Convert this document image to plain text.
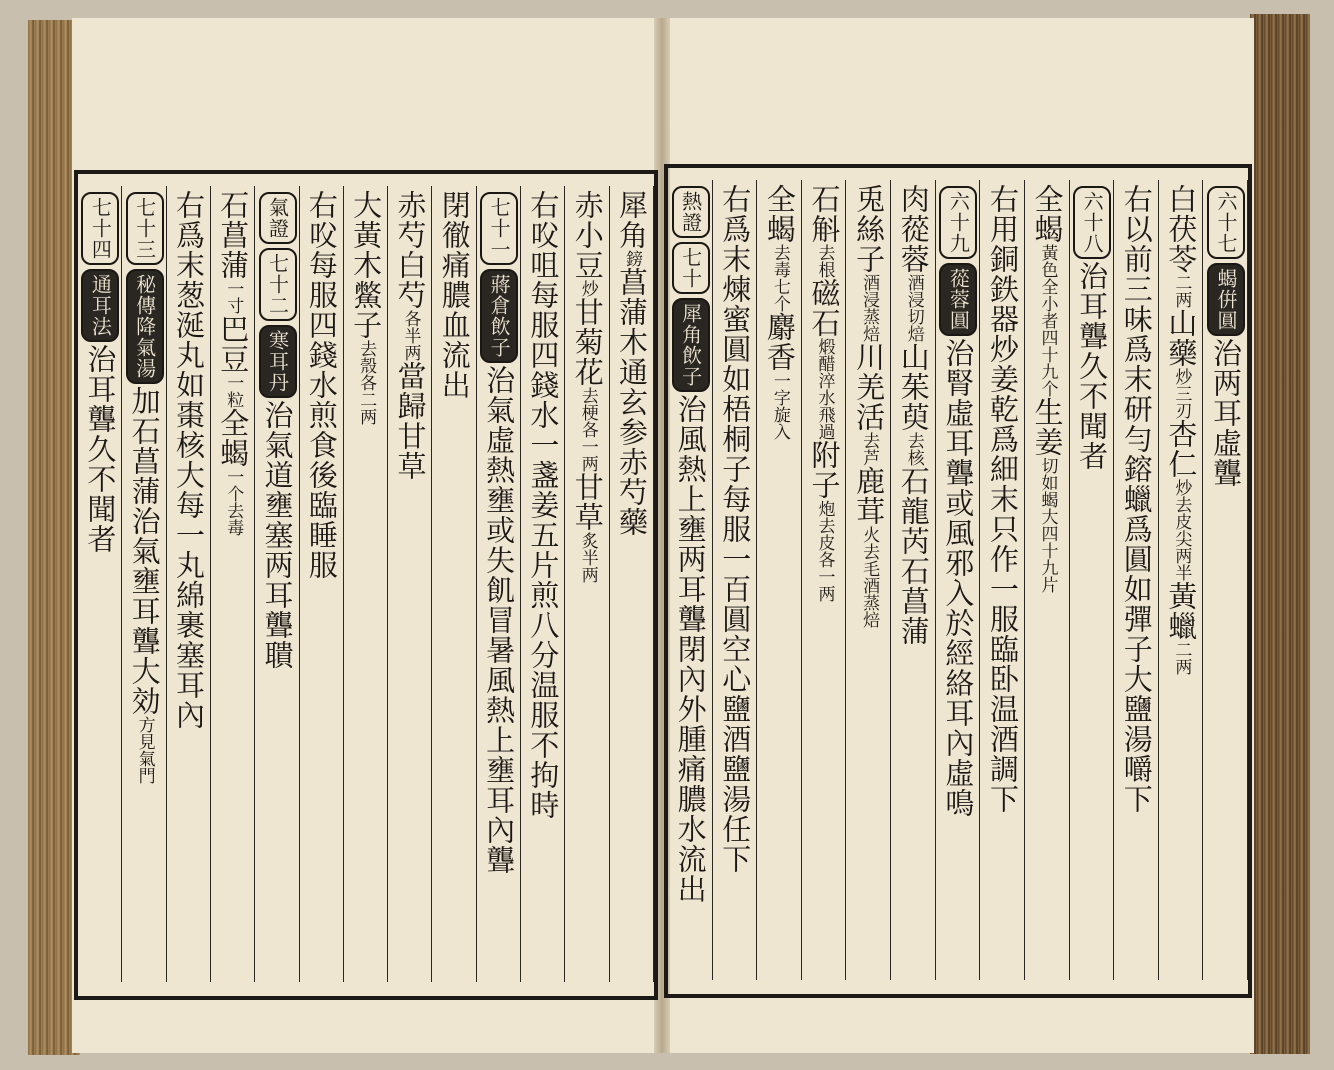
六十七蝎倂圓治两耳虛聾
白茯苓二两山藥炒三刃杏仁炒去皮尖两半黃蠟二两
右以前三味爲末研勻鎔蠟爲圓如彈子大鹽湯嚼下
六十八治耳聾久不聞者
全蝎黃色全小者四十九个生姜切如蝎大四十九片
右用銅鉄器炒姜乾爲細末只作一服臨卧温酒調下
六十九蓯蓉圓治腎虛耳聾或風邪入於經絡耳內虛鳴
肉蓯蓉酒浸切焙山茱萸去核石龍芮石菖蒲
兎絲子酒浸蒸焙川羌活去芦鹿茸火去毛酒蒸焙
石斛去根磁石煅醋淬水飛過附子炮去皮各一两
全蝎去毒七个麝香一字旋入
右爲末煉蜜圓如梧桐子每服一百圓空心鹽酒鹽湯任下
熱證七十犀角飲子治風熱上壅两耳聾閉內外腫痛膿水流出
犀角鎊菖蒲木通玄参赤芍藥
赤小豆炒甘菊花去梗各一两甘草炙半两
右㕮咀每服四錢水一盞姜五片煎八分温服不拘時
七十一蔣倉飲子治氣虛熱壅或失飢冒暑風熱上壅耳內聾
閉徹痛膿血流出
赤芍白芍各半两當歸甘草
大黃木鱉子去殼各二两
右㕮每服四錢水煎食後臨睡服
氣證七十二寒耳丹治氣道壅塞两耳聾聵
石菖蒲一寸巴豆一粒全蝎一个去毒
右爲末葱涎丸如棗核大每一丸綿裹塞耳內
七十三秘傳降氣湯加石菖蒲治氣壅耳聾大効方見氣門
七十四通耳法治耳聾久不聞者
